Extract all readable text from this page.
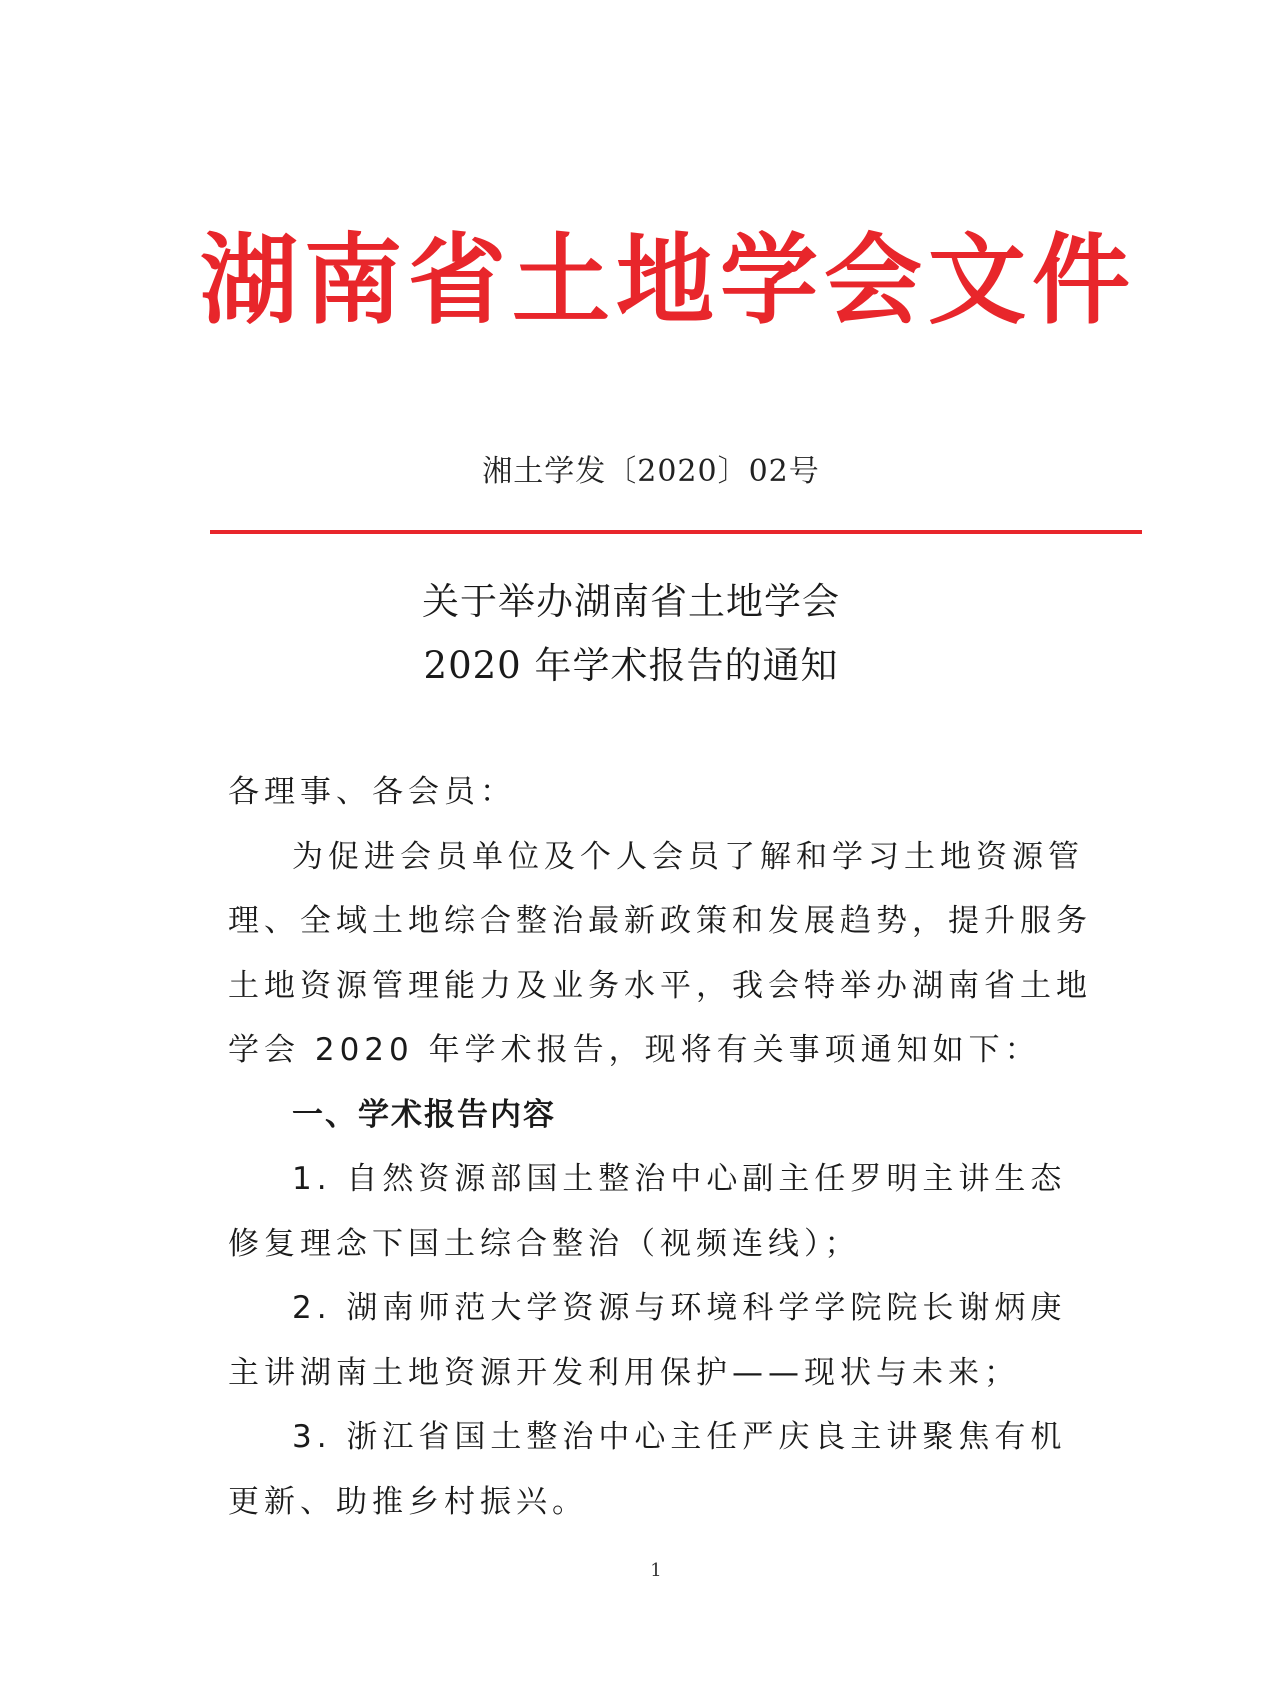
湖南省土地学会文件
湘土学发〔2020〕02号
关于举办湖南省土地学会
2020 年学术报告的通知

各理事、各会员：

为促进会员单位及个人会员了解和学习土地资源管理、全域土地综合整治最新政策和发展趋势，提升服务土地资源管理能力及业务水平，我会特举办湖南省土地学会 2020 年学术报告，现将有关事项通知如下：

一、学术报告内容

1. 自然资源部国土整治中心副主任罗明主讲生态修复理念下国土综合整治（视频连线）；

2. 湖南师范大学资源与环境科学学院院长谢炳庚主讲湖南土地资源开发利用保护——现状与未来；

3. 浙江省国土整治中心主任严庆良主讲聚焦有机更新、助推乡村振兴。

1
